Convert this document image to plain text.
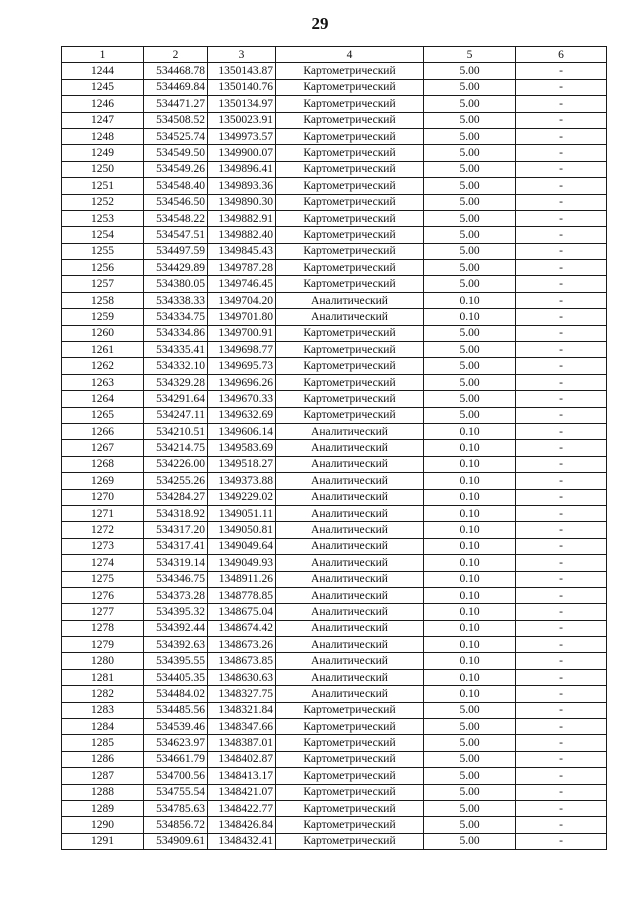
29
1	2	3	4	5	6
1244	534468.78	1350143.87	Картометрический	5.00	-
1245	534469.84	1350140.76	Картометрический	5.00	-
1246	534471.27	1350134.97	Картометрический	5.00	-
1247	534508.52	1350023.91	Картометрический	5.00	-
1248	534525.74	1349973.57	Картометрический	5.00	-
1249	534549.50	1349900.07	Картометрический	5.00	-
1250	534549.26	1349896.41	Картометрический	5.00	-
1251	534548.40	1349893.36	Картометрический	5.00	-
1252	534546.50	1349890.30	Картометрический	5.00	-
1253	534548.22	1349882.91	Картометрический	5.00	-
1254	534547.51	1349882.40	Картометрический	5.00	-
1255	534497.59	1349845.43	Картометрический	5.00	-
1256	534429.89	1349787.28	Картометрический	5.00	-
1257	534380.05	1349746.45	Картометрический	5.00	-
1258	534338.33	1349704.20	Аналитический	0.10	-
1259	534334.75	1349701.80	Аналитический	0.10	-
1260	534334.86	1349700.91	Картометрический	5.00	-
1261	534335.41	1349698.77	Картометрический	5.00	-
1262	534332.10	1349695.73	Картометрический	5.00	-
1263	534329.28	1349696.26	Картометрический	5.00	-
1264	534291.64	1349670.33	Картометрический	5.00	-
1265	534247.11	1349632.69	Картометрический	5.00	-
1266	534210.51	1349606.14	Аналитический	0.10	-
1267	534214.75	1349583.69	Аналитический	0.10	-
1268	534226.00	1349518.27	Аналитический	0.10	-
1269	534255.26	1349373.88	Аналитический	0.10	-
1270	534284.27	1349229.02	Аналитический	0.10	-
1271	534318.92	1349051.11	Аналитический	0.10	-
1272	534317.20	1349050.81	Аналитический	0.10	-
1273	534317.41	1349049.64	Аналитический	0.10	-
1274	534319.14	1349049.93	Аналитический	0.10	-
1275	534346.75	1348911.26	Аналитический	0.10	-
1276	534373.28	1348778.85	Аналитический	0.10	-
1277	534395.32	1348675.04	Аналитический	0.10	-
1278	534392.44	1348674.42	Аналитический	0.10	-
1279	534392.63	1348673.26	Аналитический	0.10	-
1280	534395.55	1348673.85	Аналитический	0.10	-
1281	534405.35	1348630.63	Аналитический	0.10	-
1282	534484.02	1348327.75	Аналитический	0.10	-
1283	534485.56	1348321.84	Картометрический	5.00	-
1284	534539.46	1348347.66	Картометрический	5.00	-
1285	534623.97	1348387.01	Картометрический	5.00	-
1286	534661.79	1348402.87	Картометрический	5.00	-
1287	534700.56	1348413.17	Картометрический	5.00	-
1288	534755.54	1348421.07	Картометрический	5.00	-
1289	534785.63	1348422.77	Картометрический	5.00	-
1290	534856.72	1348426.84	Картометрический	5.00	-
1291	534909.61	1348432.41	Картометрический	5.00	-
